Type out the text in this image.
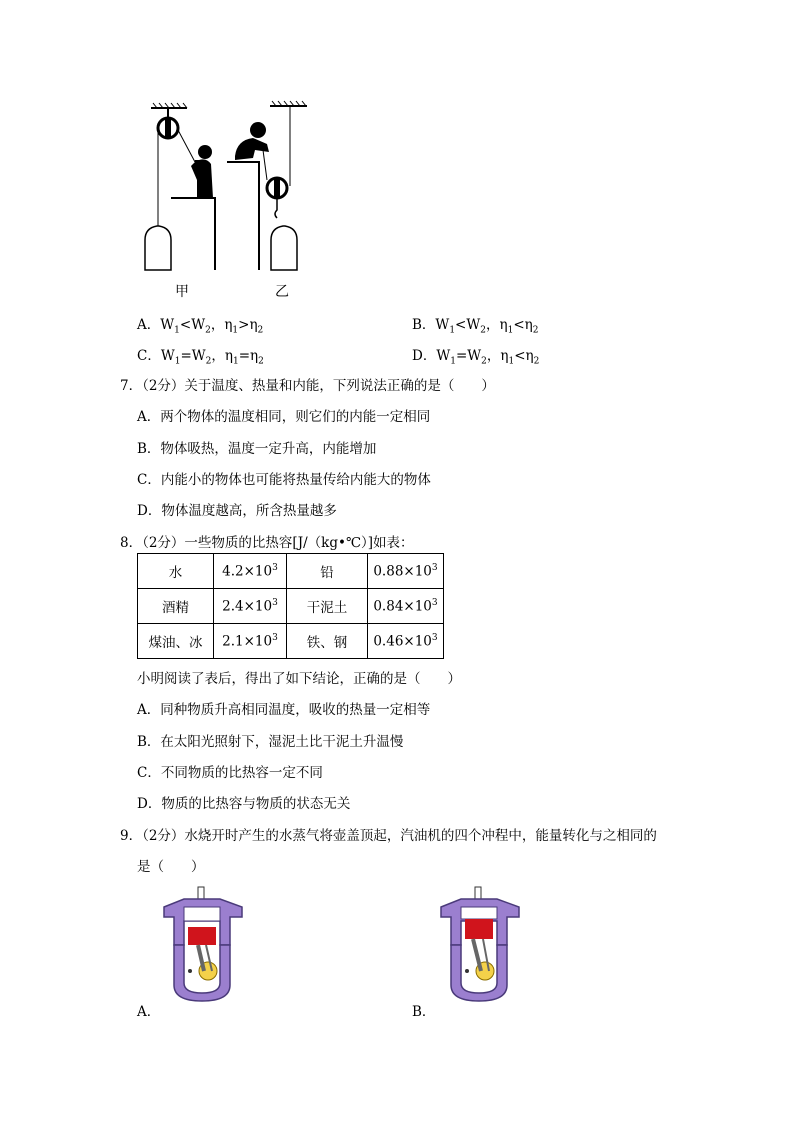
甲	乙
A．$W_1<W_2$，$\eta_1>\eta_2$	B．$W_1<W_2$，$\eta_1<\eta_2$
C．$W_1=W_2$，$\eta_1=\eta_2$	D．$W_1=W_2$，$\eta_1<\eta_2$
7．（2分）关于温度、热量和内能，下列说法正确的是（　　）
A．两个物体的温度相同，则它们的内能一定相同
B．物体吸热，温度一定升高，内能增加
C．内能小的物体也可能将热量传给内能大的物体
D．物体温度越高，所含热量越多
8．（2分）一些物质的比热容[J/（kg•℃）]如表：
水	$4.2\times 10^3$	铅	$0.88\times 10^3$
酒精	$2.4\times 10^3$	干泥土	$0.84\times 10^3$
煤油、冰	$2.1\times 10^3$	铁、钢	$0.46\times 10^3$
小明阅读了表后，得出了如下结论，正确的是（　　）
A．同种物质升高相同温度，吸收的热量一定相等
B．在太阳光照射下，湿泥土比干泥土升温慢
C．不同物质的比热容一定不同
D．物质的比热容与物质的状态无关
9．（2分）水烧开时产生的水蒸气将壶盖顶起，汽油机的四个冲程中，能量转化与之相同的
是（　　）
A．	B．
